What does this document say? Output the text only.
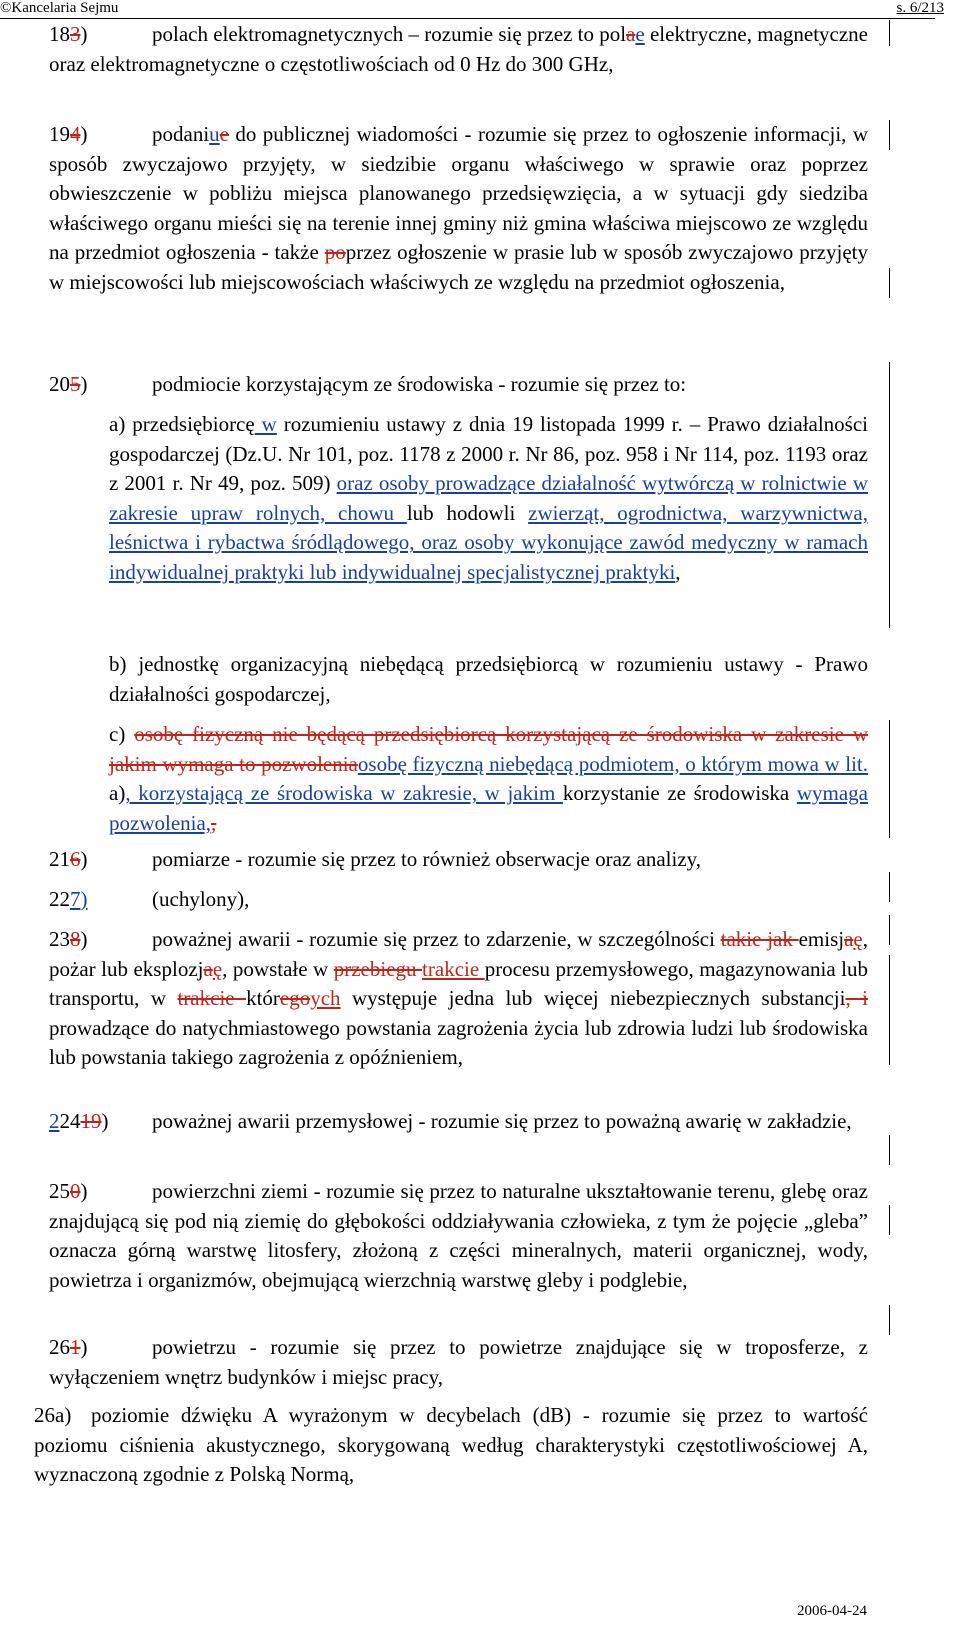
©Kancelaria Sejmu	s. 6/213
183)	polach elektromagnetycznych – rozumie się przez to polae elektryczne, magnetyczne oraz elektromagnetyczne o częstotliwościach od 0 Hz do 300 GHz,
194)	podaniue do publicznej wiadomości - rozumie się przez to ogłoszenie informacji, w sposób zwyczajowo przyjęty, w siedzibie organu właściwego w sprawie oraz poprzez obwieszczenie w pobliżu miejsca planowanego przedsięwzięcia, a w sytuacji gdy siedziba właściwego organu mieści się na terenie innej gminy niż gmina właściwa miejscowo ze względu na przedmiot ogłoszenia - także poprzez ogłoszenie w prasie lub w sposób zwyczajowo przyjęty w miejscowości lub miejscowościach właściwych ze względu na przedmiot ogłoszenia,
205)	podmiocie korzystającym ze środowiska - rozumie się przez to:
a) przedsiębiorcę w rozumieniu ustawy z dnia 19 listopada 1999 r. – Prawo działalności gospodarczej (Dz.U. Nr 101, poz. 1178 z 2000 r. Nr 86, poz. 958 i Nr 114, poz. 1193 oraz z 2001 r. Nr 49, poz. 509) oraz osoby prowadzące działalność wytwórczą w rolnictwie w zakresie upraw rolnych, chowu lub hodowli zwierząt, ogrodnictwa, warzywnictwa, leśnictwa i rybactwa śródlądowego, oraz osoby wykonujące zawód medyczny w ramach indywidualnej praktyki lub indywidualnej specjalistycznej praktyki,
b) jednostkę organizacyjną niebędącą przedsiębiorcą w rozumieniu ustawy - Prawo działalności gospodarczej,
c) osobę fizyczną nie będącą przedsiębiorcą korzystającą ze środowiska w zakresie w jakim wymaga to pozwoleniaosobę fizyczną niebędącą podmiotem, o którym mowa w lit. a), korzystającą ze środowiska w zakresie, w jakim korzystanie ze środowiska wymaga pozwolenia,,
216)	pomiarze - rozumie się przez to również obserwacje oraz analizy,
227)	(uchylony),
238)	poważnej awarii - rozumie się przez to zdarzenie, w szczególności takie jak emisjaę, pożar lub eksplozjaę, powstałe w przebiegu trakcie procesu przemysłowego, magazynowania lub transportu, w trakcie któregoych występuje jedna lub więcej niebezpiecznych substancji, i prowadzące do natychmiastowego powstania zagrożenia życia lub zdrowia ludzi lub środowiska lub powstania takiego zagrożenia z opóźnieniem,
22419) poważnej awarii przemysłowej - rozumie się przez to poważną awarię w zakładzie,
250)	powierzchni ziemi - rozumie się przez to naturalne ukształtowanie terenu, glebę oraz znajdującą się pod nią ziemię do głębokości oddziaływania człowieka, z tym że pojęcie „gleba” oznacza górną warstwę litosfery, złożoną z części mineralnych, materii organicznej, wody, powietrza i organizmów, obejmującą wierzchnią warstwę gleby i podglebie,
261)	powietrzu - rozumie się przez to powietrze znajdujące się w troposferze, z wyłączeniem wnętrz budynków i miejsc pracy,
26a) poziomie dźwięku A wyrażonym w decybelach (dB) - rozumie się przez to wartość poziomu ciśnienia akustycznego, skorygowaną według charakterystyki częstotliwościowej A, wyznaczoną zgodnie z Polską Normą,
2006-04-24
